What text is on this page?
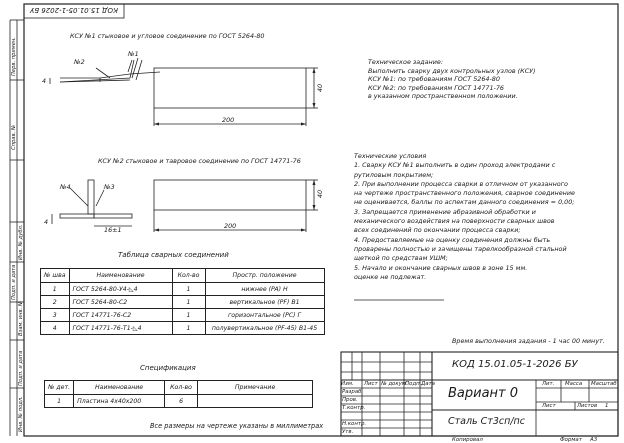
КОД 15.01.05-1-2026 БУ
Перв. примен.
Справ. №
Подп. и дата
Инв. № дубл.
Взам. инв. №
Подп. и дата
Инв. № подл.
КСУ №1 стыковое и угловое соединение по ГОСТ 5264-80
№2
№1
4
40
200
КСУ №2 стыковое и тавровое соединение по ГОСТ 14771-76
№4	№3
4
16±1
40
200
Техническое задание:
Выполнить сварку двух контрольных узлов (КСУ)
КСУ №1: по требованиям ГОСТ 5264-80
КСУ №2: по требованиям ГОСТ 14771-76
в указанном пространственном положении.
Технические условия
1. Сварку КСУ №1 выполнить в один проход электродами с
рутиловым покрытием;
2. При выполнении процесса сварки в отличном от указанного
на чертеже пространственного положения, сварное соединение
не оценивается, баллы по аспектам данного соединения = 0,00;
3. Запрещается применение абразивной обработки и
механического воздействия на поверхности сварных швов
всех соединений по окончании процесса сварки;
4. Предоставляемые на оценку соединения должны быть
проварены полностью и зачищены тарелкообразной стальной
щеткой по средствам УШМ;
5. Начало и окончание сварных швов в зоне 15 мм.
оценке не подлежат.
Таблица сварных соединений
№ шва	Наименование	Кол-во	Простр. положение
1	ГОСТ 5264-80-У4-◺4	1	нижнее (PA) Н
2	ГОСТ 5264-80-С2	1	вертикальное (PF) В1
3	ГОСТ 14771-76-С2	1	горизонтальное (PC) Г
4	ГОСТ 14771-76-Т1-◺4	1	полувертикальное (PF-45) В1-45
Время выполнения задания - 1 час 00 минут.
Спецификация
№ дет.	Наименование	Кол-во	Примечание
1	Пластина 4х40х200	6	
Все размеры на чертеже указаны в миллиметрах
КОД 15.01.05-1-2026 БУ
Вариант 0
Сталь Ст3сп/пс
Изм. Лист № докум.
Подп. Дата
Разраб.
Пров.
Т.контр.
Н.контр.
Утв.
Лит. Масса Масштаб
Лист	Листов 1
Копировал	Формат А3
